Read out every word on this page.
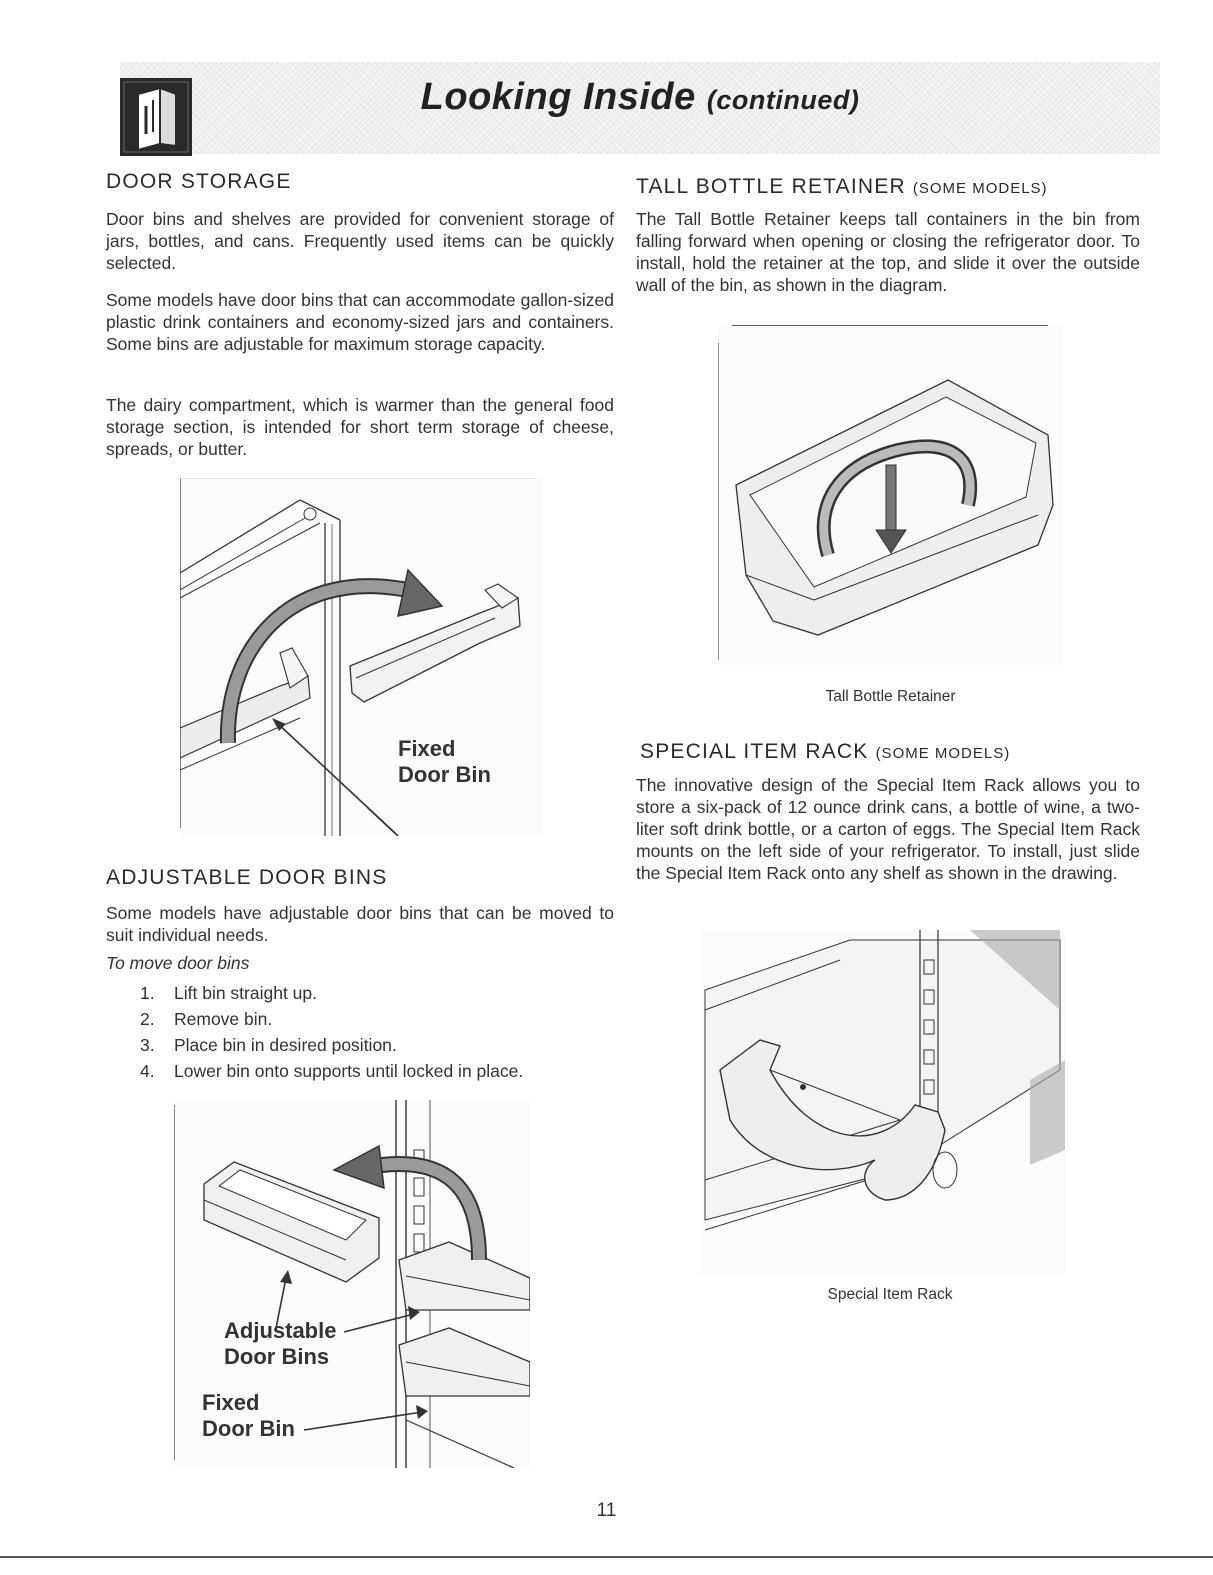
Looking Inside (continued)
DOOR STORAGE

Door bins and shelves are provided for convenient storage of jars, bottles, and cans. Frequently used items can be quickly selected.

Some models have door bins that can accommodate gallon-sized plastic drink containers and economy-sized jars and containers. Some bins are adjustable for maximum storage capacity.

The dairy compartment, which is warmer than the general food storage section, is intended for short term storage of cheese, spreads, or butter.

Fixed
Door Bin
ADJUSTABLE DOOR BINS

Some models have adjustable door bins that can be moved to suit individual needs.

To move door bins
1. Lift bin straight up.
2. Remove bin.
3. Place bin in desired position.
4. Lower bin onto supports until locked in place.
Adjustable
Door Bins
Fixed
Door Bin
TALL BOTTLE RETAINER (SOME MODELS)

The Tall Bottle Retainer keeps tall containers in the bin from falling forward when opening or closing the refrigerator door. To install, hold the retainer at the top, and slide it over the outside wall of the bin, as shown in the diagram.

Tall Bottle Retainer
SPECIAL ITEM RACK (SOME MODELS)

The innovative design of the Special Item Rack allows you to store a six-pack of 12 ounce drink cans, a bottle of wine, a two-liter soft drink bottle, or a carton of eggs. The Special Item Rack mounts on the left side of your refrigerator. To install, just slide the Special Item Rack onto any shelf as shown in the drawing.

Special Item Rack
11
